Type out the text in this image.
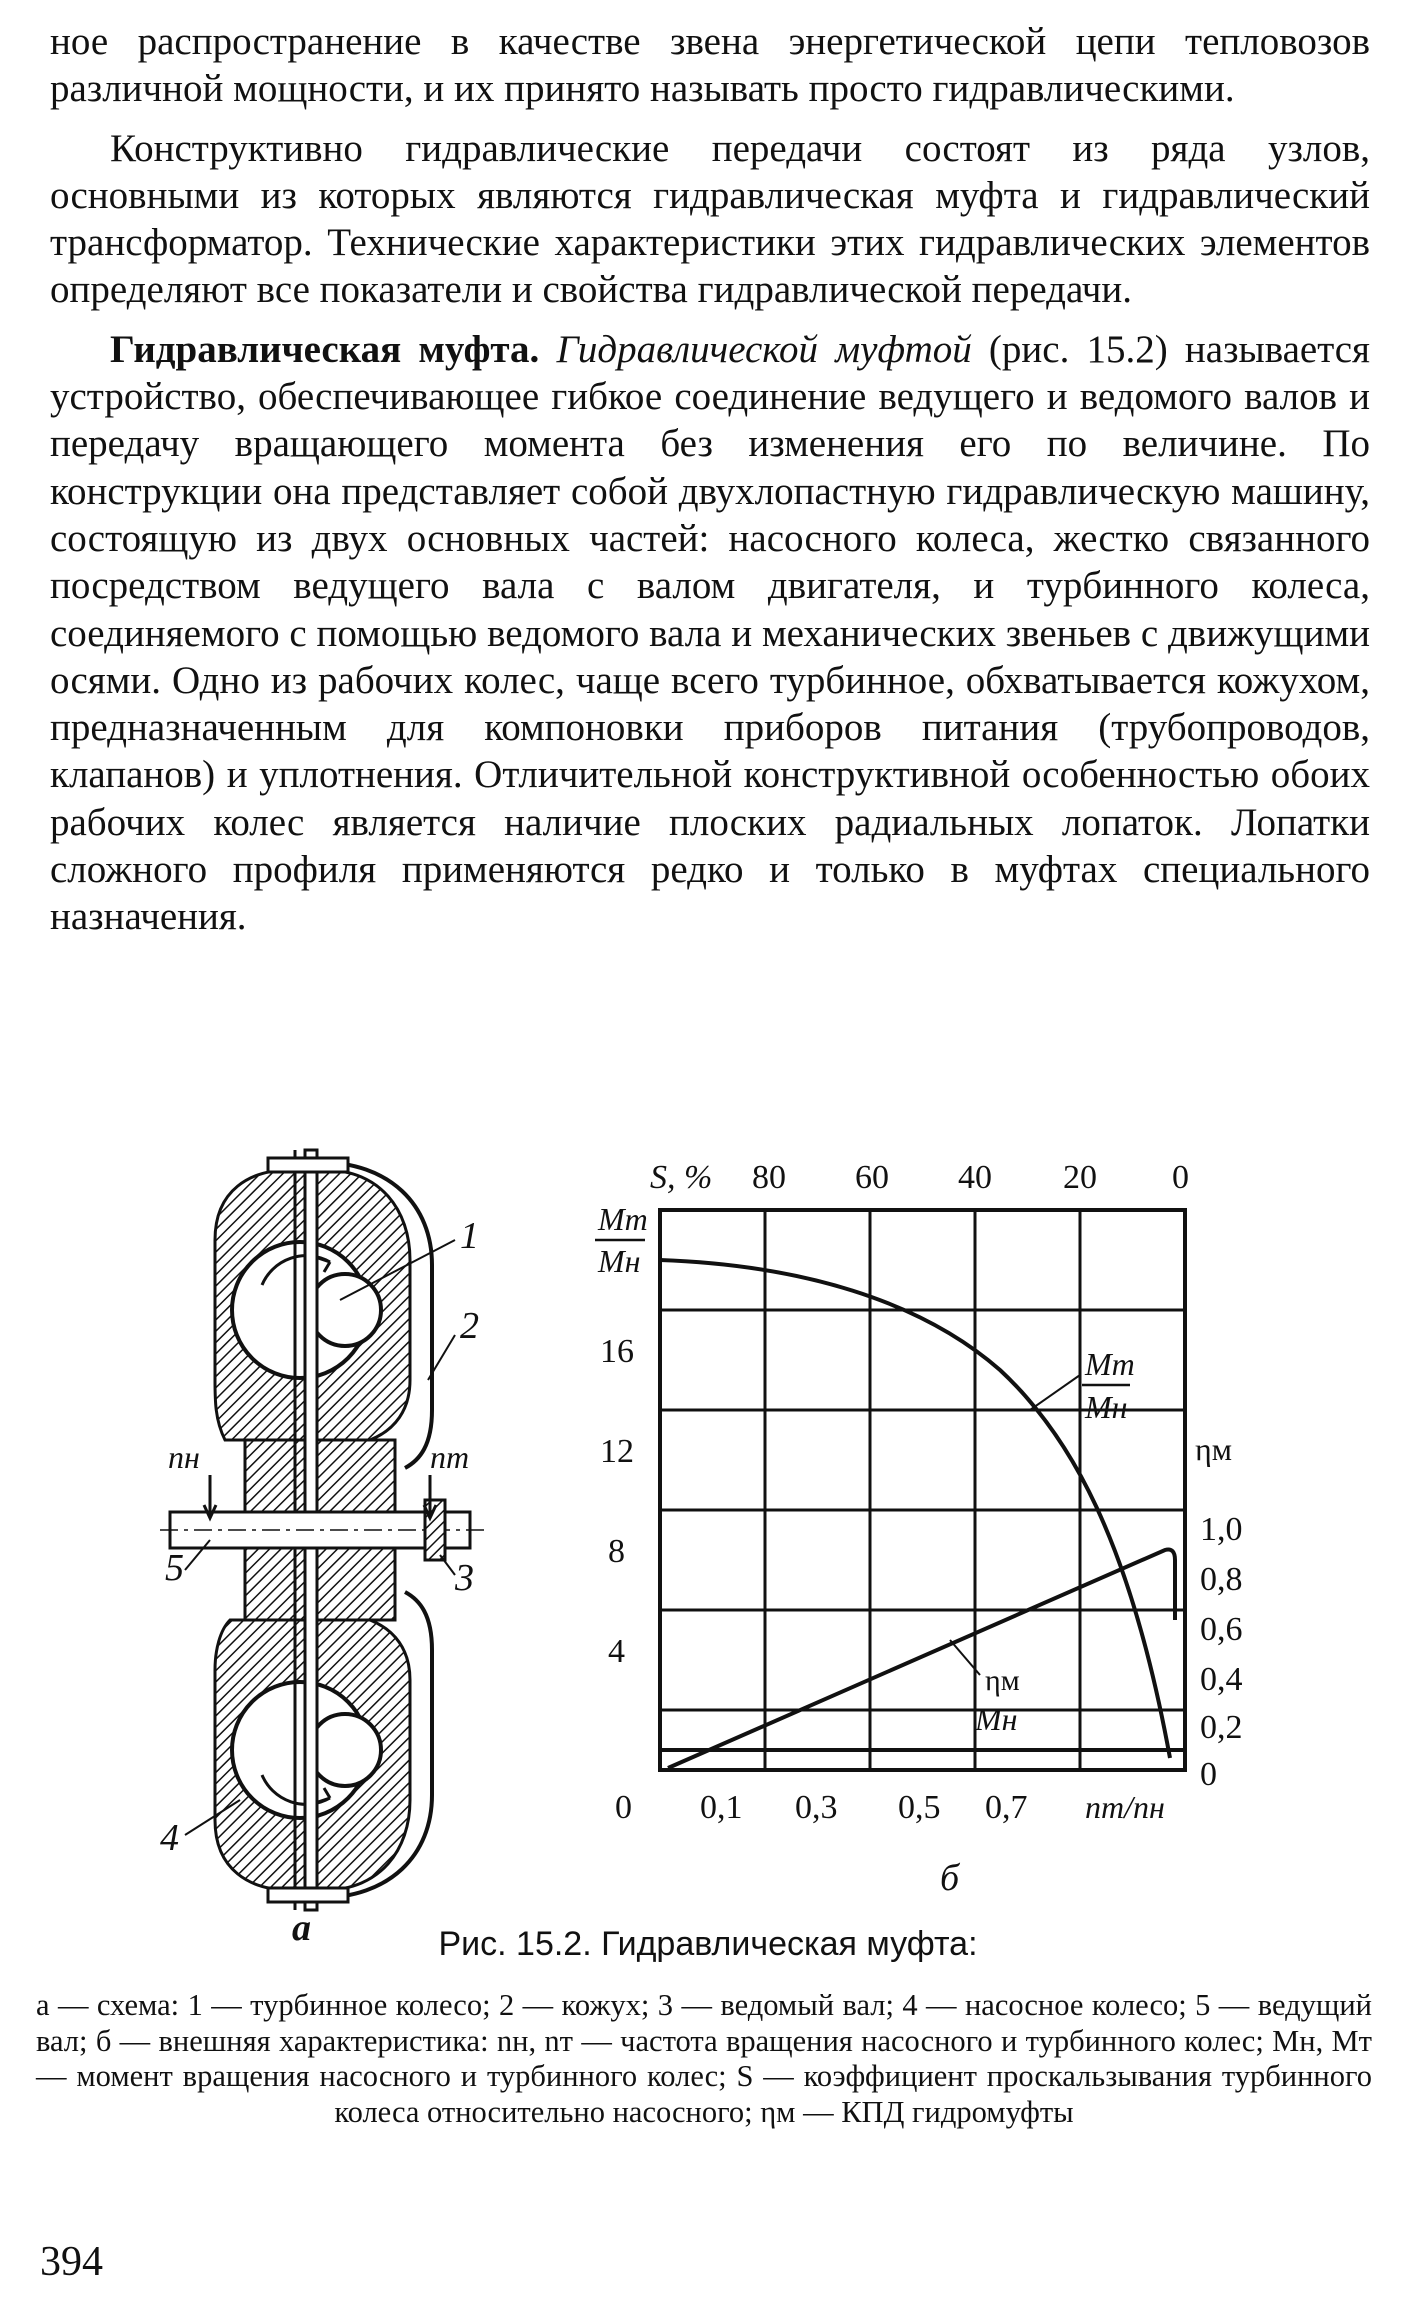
ное распространение в качестве звена энергетической цепи тепловозов различной мощности, и их принято называть просто гидравлическими.

Конструктивно гидравлические передачи состоят из ряда узлов, основными из которых являются гидравлическая муфта и гидравлический трансформатор. Технические характеристики этих гидравлических элементов определяют все показатели и свойства гидравлической передачи.

Гидравлическая муфта. Гидравлической муфтой (рис. 15.2) называется устройство, обеспечивающее гибкое соединение ведущего и ведомого валов и передачу вращающего момента без изменения его по величине. По конструкции она представляет собой двухлопастную гидравлическую машину, состоящую из двух основных частей: насосного колеса, жестко связанного посредством ведущего вала с валом двигателя, и турбинного колеса, соединяемого с помощью ведомого вала и механических звеньев с движущими осями. Одно из рабочих колес, чаще всего турбинное, обхватывается кожухом, предназначенным для компоновки приборов питания (трубопроводов, клапанов) и уплотнения. Отличительной конструктивной особенностью обоих рабочих колес является наличие плоских радиальных лопаток. Лопатки сложного профиля применяются редко и только в муфтах специального назначения.

1
2
3
4
5
nн	nт
а
S, % 80 60 40 20 0
Mт
Mн
16
12
8
4
0 0,1 0,3 0,5 0,7 nт/nн
ηм
1,0
0,8
0,6
0,4
0,2
0
Mт
Mн
ηм
Mн
б
Рис. 15.2. Гидравлическая муфта:
а — схема: 1 — турбинное колесо; 2 — кожух; 3 — ведомый вал; 4 — насосное колесо; 5 — ведущий вал; б — внешняя характеристика: nн, nт — частота вращения насосного и турбинного колес; Mн, Mт — момент вращения насосного и турбинного колес; S — коэффициент проскальзывания турбинного колеса относительно насосного; ηм — КПД гидромуфты
394
